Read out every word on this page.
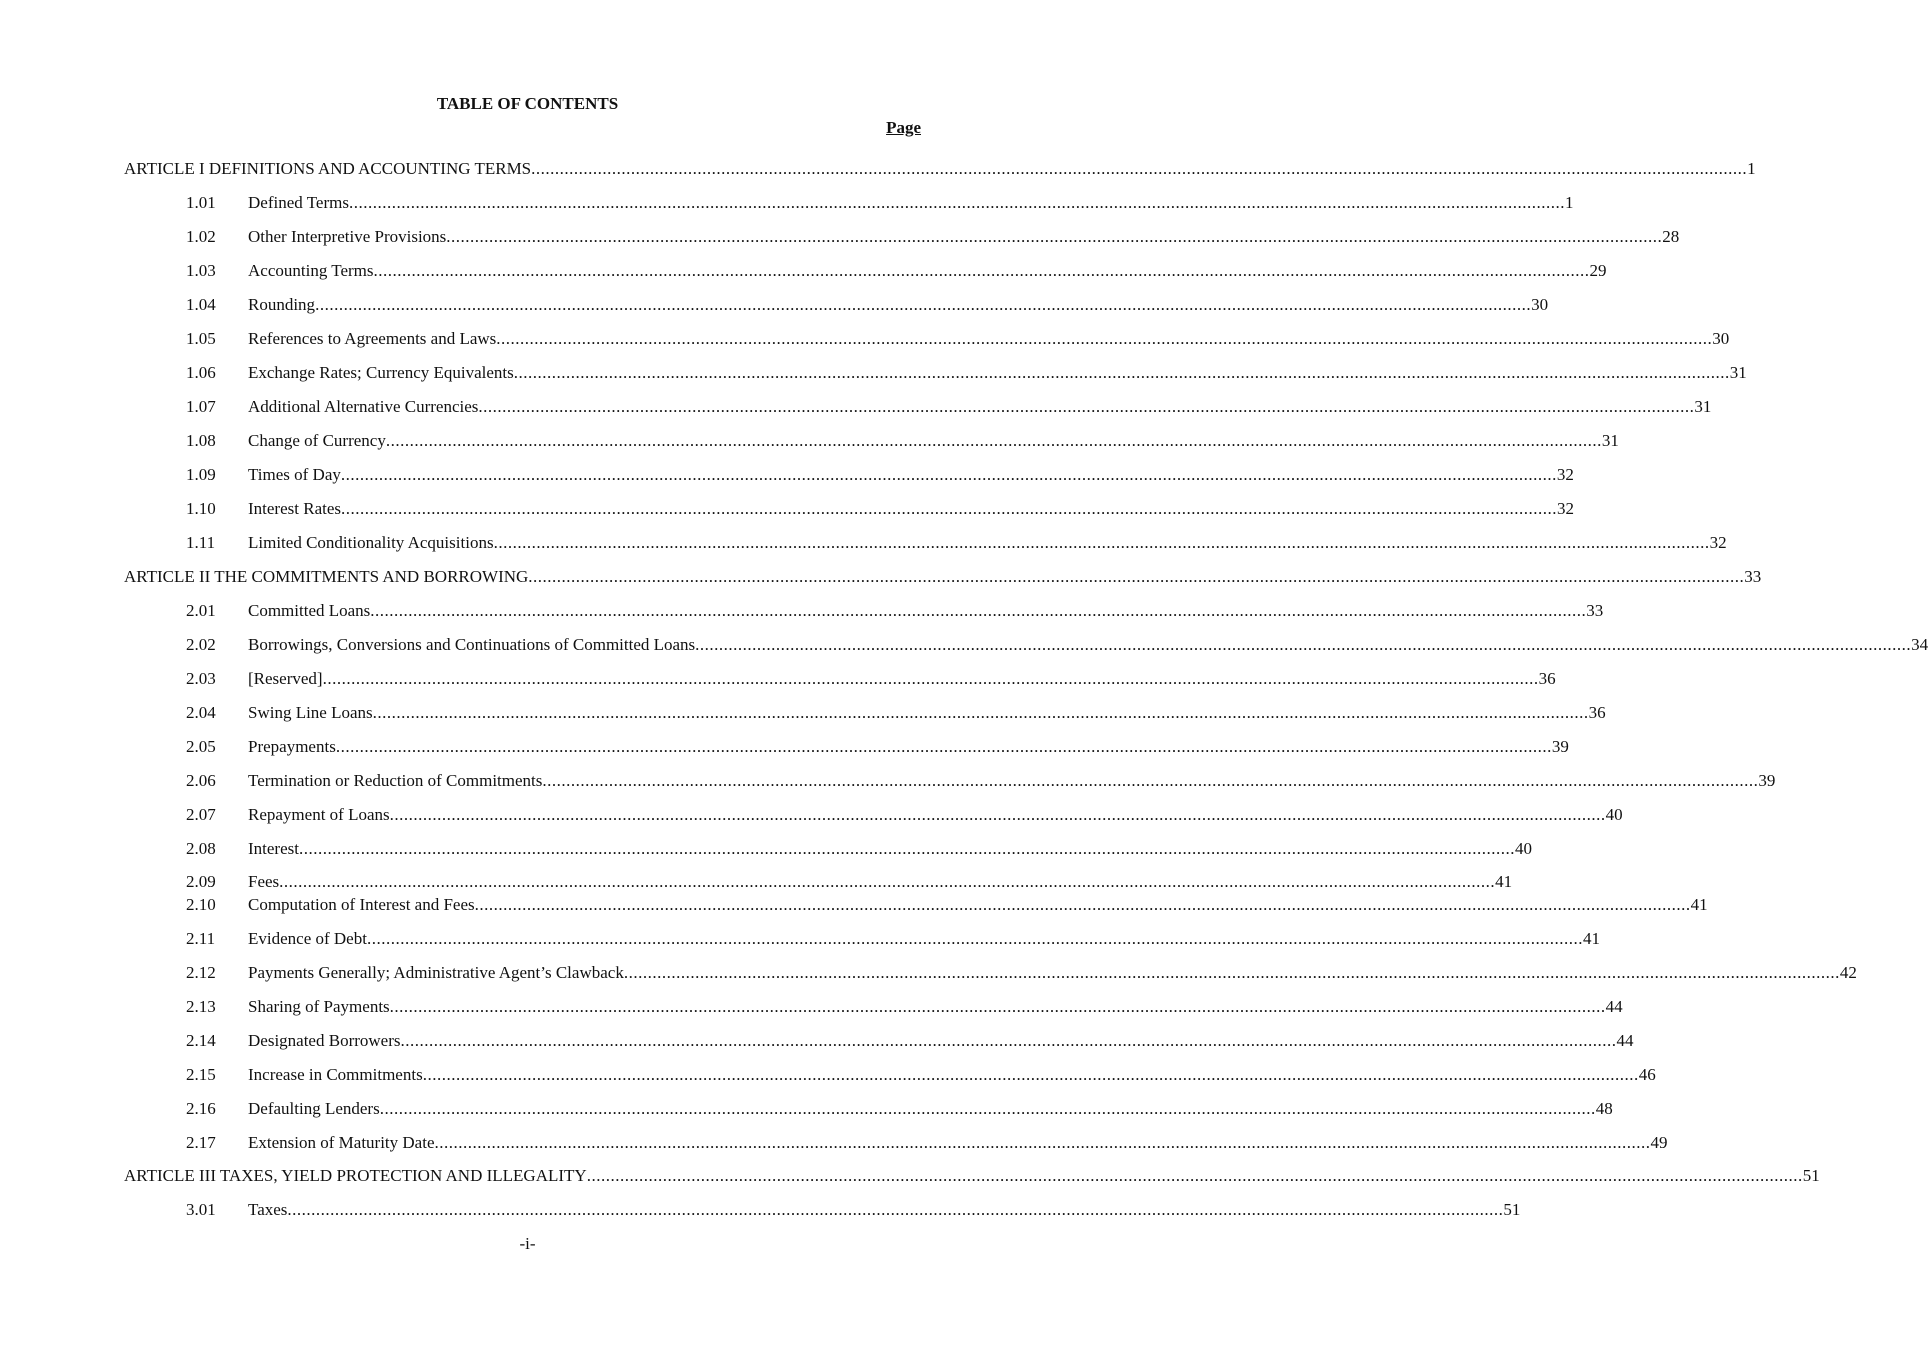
TABLE OF CONTENTS
Page
ARTICLE I DEFINITIONS AND ACCOUNTING TERMS ................................................................................................................................................................................................................................................................ 1
1.01 Defined Terms ................................................................................................................................................................................................................................................................ 1
1.02 Other Interpretive Provisions ................................................................................................................................................................................................................................................................ 28
1.03 Accounting Terms ................................................................................................................................................................................................................................................................ 29
1.04 Rounding ................................................................................................................................................................................................................................................................ 30
1.05 References to Agreements and Laws ................................................................................................................................................................................................................................................................ 30
1.06 Exchange Rates; Currency Equivalents ................................................................................................................................................................................................................................................................ 31
1.07 Additional Alternative Currencies ................................................................................................................................................................................................................................................................ 31
1.08 Change of Currency ................................................................................................................................................................................................................................................................ 31
1.09 Times of Day ................................................................................................................................................................................................................................................................ 32
1.10 Interest Rates ................................................................................................................................................................................................................................................................ 32
1.11 Limited Conditionality Acquisitions ................................................................................................................................................................................................................................................................ 32
ARTICLE II THE COMMITMENTS AND BORROWING ................................................................................................................................................................................................................................................................ 33
2.01 Committed Loans ................................................................................................................................................................................................................................................................ 33
2.02 Borrowings, Conversions and Continuations of Committed Loans ................................................................................................................................................................................................................................................................ 34
2.03 [Reserved] ................................................................................................................................................................................................................................................................ 36
2.04 Swing Line Loans ................................................................................................................................................................................................................................................................ 36
2.05 Prepayments ................................................................................................................................................................................................................................................................ 39
2.06 Termination or Reduction of Commitments ................................................................................................................................................................................................................................................................ 39
2.07 Repayment of Loans ................................................................................................................................................................................................................................................................ 40
2.08 Interest ................................................................................................................................................................................................................................................................ 40
2.09 Fees ................................................................................................................................................................................................................................................................ 41
2.10 Computation of Interest and Fees ................................................................................................................................................................................................................................................................ 41
2.11 Evidence of Debt ................................................................................................................................................................................................................................................................ 41
2.12 Payments Generally; Administrative Agent’s Clawback ................................................................................................................................................................................................................................................................ 42
2.13 Sharing of Payments ................................................................................................................................................................................................................................................................ 44
2.14 Designated Borrowers ................................................................................................................................................................................................................................................................ 44
2.15 Increase in Commitments ................................................................................................................................................................................................................................................................ 46
2.16 Defaulting Lenders ................................................................................................................................................................................................................................................................ 48
2.17 Extension of Maturity Date ................................................................................................................................................................................................................................................................ 49
ARTICLE III TAXES, YIELD PROTECTION AND ILLEGALITY ................................................................................................................................................................................................................................................................ 51
3.01 Taxes ................................................................................................................................................................................................................................................................ 51
-i-
